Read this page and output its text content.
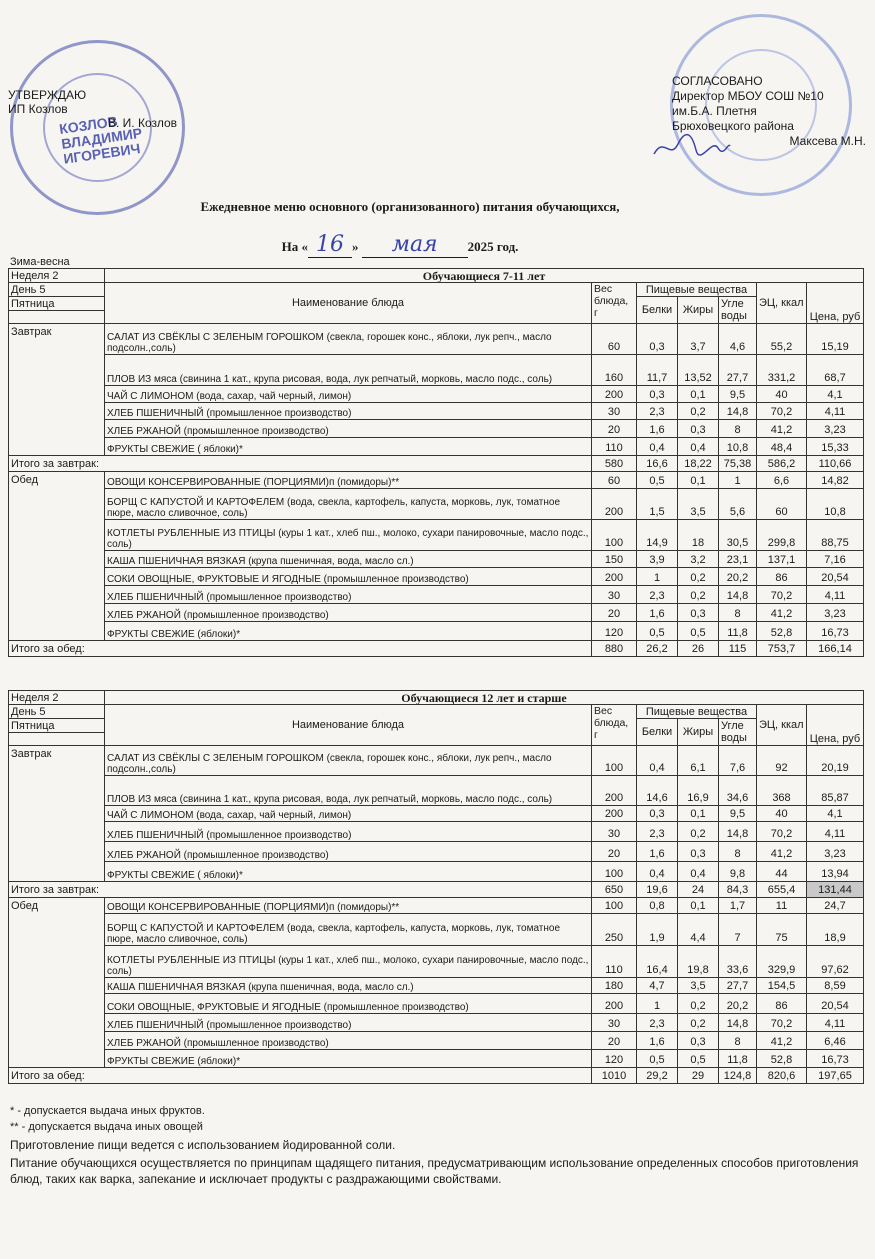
КОЗЛОВ ВЛАДИМИР ИГОРЕВИЧ
УТВЕРЖДАЮ
ИП Козлов
В. И. Козлов
СОГЛАСОВАНО
Директор МБОУ СОШ №10
им.Б.А. Плетня
Брюховецкого района
Максева М.Н.
Ежедневное меню основного (организованного) питания обучающихся,
На « 16 » мая 2025 год.
Зима-весна
Неделя 2	Обучающиеся 7-11 лет						
День 5	Наименование блюда	Вес блюда, г	Пищевые вещества			ЭЦ, ккал	Цена, руб
Пятница			Белки	Жиры	Угле воды		

Завтрак	САЛАТ ИЗ СВЁКЛЫ С ЗЕЛЕНЫМ ГОРОШКОМ (свекла, горошек конс., яблоки, лук репч., масло подсолн.,соль)	60	0,3	3,7	4,6	55,2	15,19
	ПЛОВ ИЗ мяса (свинина 1 кат., крупа рисовая, вода, лук репчатый, морковь, масло подс., соль)	160	11,7	13,52	27,7	331,2	68,7
	ЧАЙ С ЛИМОНОМ (вода, сахар, чай черный, лимон)	200	0,3	0,1	9,5	40	4,1
	ХЛЕБ ПШЕНИЧНЫЙ (промышленное производство)	30	2,3	0,2	14,8	70,2	4,11
	ХЛЕБ РЖАНОЙ (промышленное производство)	20	1,6	0,3	8	41,2	3,23
	ФРУКТЫ СВЕЖИЕ ( яблоки)*	110	0,4	0,4	10,8	48,4	15,33
Итого за завтрак:		580	16,6	18,22	75,38	586,2	110,66
Обед	ОВОЩИ КОНСЕРВИРОВАННЫЕ (ПОРЦИЯМИ)п (помидоры)**	60	0,5	0,1	1	6,6	14,82
	БОРЩ С КАПУСТОЙ И КАРТОФЕЛЕМ (вода, свекла, картофель, капуста, морковь, лук, томатное пюре, масло сливочное, соль)	200	1,5	3,5	5,6	60	10,8
	КОТЛЕТЫ РУБЛЕННЫЕ ИЗ ПТИЦЫ (куры 1 кат., хлеб пш., молоко, сухари панировочные, масло подс., соль)	100	14,9	18	30,5	299,8	88,75
	КАША ПШЕНИЧНАЯ ВЯЗКАЯ (крупа пшеничная, вода, масло сл.)	150	3,9	3,2	23,1	137,1	7,16
	СОКИ ОВОЩНЫЕ, ФРУКТОВЫЕ И ЯГОДНЫЕ (промышленное производство)	200	1	0,2	20,2	86	20,54
	ХЛЕБ ПШЕНИЧНЫЙ (промышленное производство)	30	2,3	0,2	14,8	70,2	4,11
	ХЛЕБ РЖАНОЙ (промышленное производство)	20	1,6	0,3	8	41,2	3,23
	ФРУКТЫ СВЕЖИЕ (яблоки)*	120	0,5	0,5	11,8	52,8	16,73
Итого за обед:		880	26,2	26	115	753,7	166,14
Неделя 2	Обучающиеся 12 лет и старше						
День 5	Наименование блюда	Вес блюда, г	Пищевые вещества			ЭЦ, ккал	Цена, руб
Пятница			Белки	Жиры	Угле воды		

Завтрак	САЛАТ ИЗ СВЁКЛЫ С ЗЕЛЕНЫМ ГОРОШКОМ (свекла, горошек конс., яблоки, лук репч., масло подсолн.,соль)	100	0,4	6,1	7,6	92	20,19
	ПЛОВ ИЗ мяса (свинина 1 кат., крупа рисовая, вода, лук репчатый, морковь, масло подс., соль)	200	14,6	16,9	34,6	368	85,87
	ЧАЙ С ЛИМОНОМ (вода, сахар, чай черный, лимон)	200	0,3	0,1	9,5	40	4,1
	ХЛЕБ ПШЕНИЧНЫЙ (промышленное производство)	30	2,3	0,2	14,8	70,2	4,11
	ХЛЕБ РЖАНОЙ (промышленное производство)	20	1,6	0,3	8	41,2	3,23
	ФРУКТЫ СВЕЖИЕ ( яблоки)*	100	0,4	0,4	9,8	44	13,94
Итого за завтрак:		650	19,6	24	84,3	655,4	131,44
Обед	ОВОЩИ КОНСЕРВИРОВАННЫЕ (ПОРЦИЯМИ)п (помидоры)**	100	0,8	0,1	1,7	11	24,7
	БОРЩ С КАПУСТОЙ И КАРТОФЕЛЕМ (вода, свекла, картофель, капуста, морковь, лук, томатное пюре, масло сливочное, соль)	250	1,9	4,4	7	75	18,9
	КОТЛЕТЫ РУБЛЕННЫЕ ИЗ ПТИЦЫ (куры 1 кат., хлеб пш., молоко, сухари панировочные, масло подс., соль)	110	16,4	19,8	33,6	329,9	97,62
	КАША ПШЕНИЧНАЯ ВЯЗКАЯ (крупа пшеничная, вода, масло сл.)	180	4,7	3,5	27,7	154,5	8,59
	СОКИ ОВОЩНЫЕ, ФРУКТОВЫЕ И ЯГОДНЫЕ (промышленное производство)	200	1	0,2	20,2	86	20,54
	ХЛЕБ ПШЕНИЧНЫЙ (промышленное производство)	30	2,3	0,2	14,8	70,2	4,11
	ХЛЕБ РЖАНОЙ (промышленное производство)	20	1,6	0,3	8	41,2	6,46
	ФРУКТЫ СВЕЖИЕ (яблоки)*	120	0,5	0,5	11,8	52,8	16,73
Итого за обед:		1010	29,2	29	124,8	820,6	197,65
* - допускается выдача иных фруктов.
** - допускается выдача иных овощей
Приготовление пищи ведется с использованием йодированной соли.
Питание обучающихся осуществляется по принципам щадящего питания, предусматривающим использование определенных способов приготовления блюд, таких как варка, запекание и исключает продукты с раздражающими свойствами.
